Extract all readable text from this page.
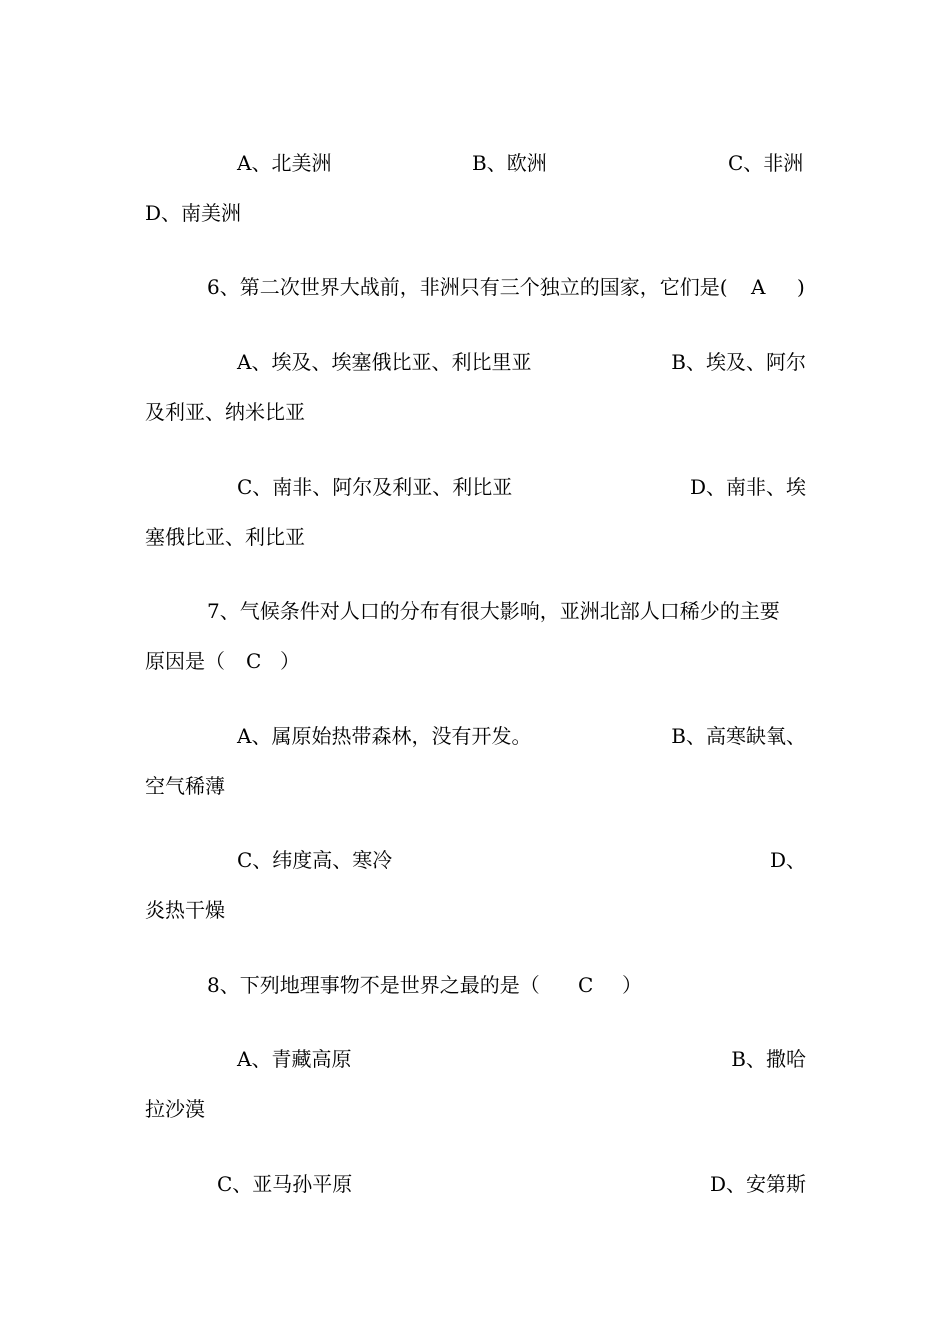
A、北美洲	B、欧洲	C、非洲
D、南美洲
6、第二次世界大战前，非洲只有三个独立的国家，它们是( A )
A、埃及、埃塞俄比亚、利比里亚	B、埃及、阿尔
及利亚、纳米比亚
C、南非、阿尔及利亚、利比亚	D、南非、埃
塞俄比亚、利比亚
7、气候条件对人口的分布有很大影响，亚洲北部人口稀少的主要
原因是（ C ）
A、属原始热带森林，没有开发。	B、高寒缺氧、
空气稀薄
C、纬度高、寒冷	D、
炎热干燥
8、下列地理事物不是世界之最的是（ C ）
A、青藏高原	B、撒哈
拉沙漠
C、亚马孙平原	D、安第斯
